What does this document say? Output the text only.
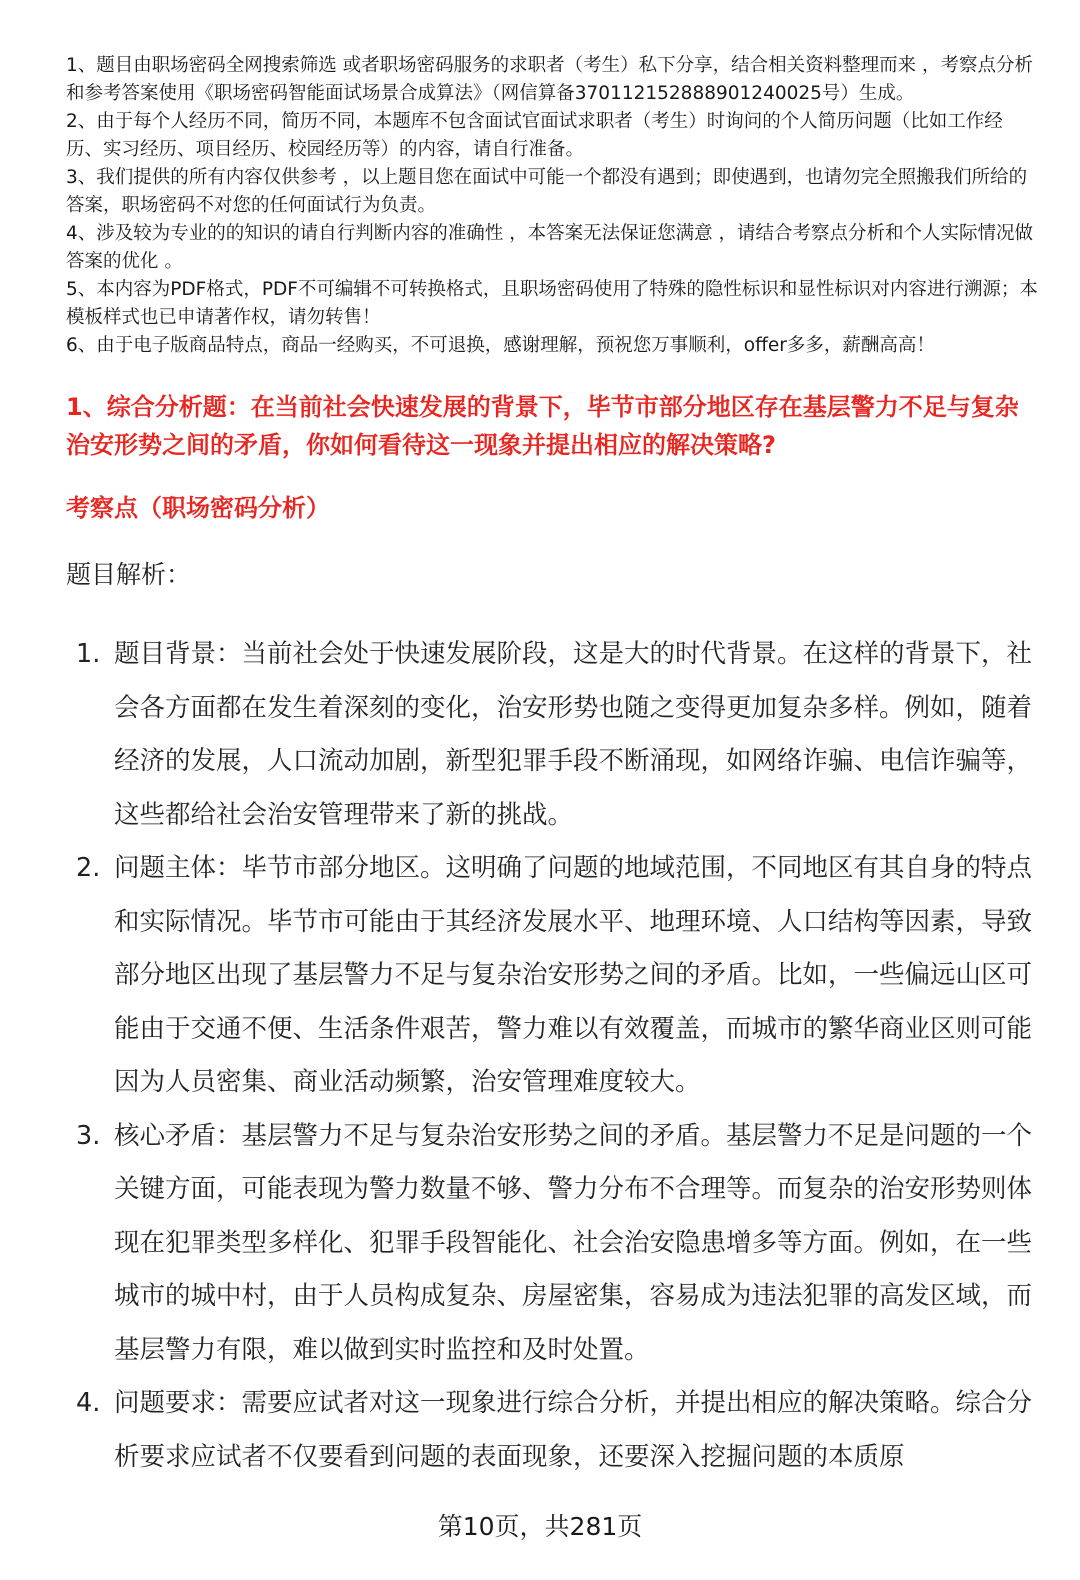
1、题目由职场密码全网搜索筛选 或者职场密码服务的求职者（考生）私下分享，结合相关资料整理而来 ，考察点分析和参考答案使用《职场密码智能面试场景合成算法》（网信算备370112152888901240025号）生成。
2、由于每个人经历不同，简历不同，本题库不包含面试官面试求职者（考生）时询问的个人简历问题（比如工作经历、实习经历、项目经历、校园经历等）的内容，请自行准备。
3、我们提供的所有内容仅供参考 ，以上题目您在面试中可能一个都没有遇到；即使遇到，也请勿完全照搬我们所给的答案，职场密码不对您的任何面试行为负责。
4、涉及较为专业的的知识的请自行判断内容的准确性 ，本答案无法保证您满意 ，请结合考察点分析和个人实际情况做答案的优化 。
5、本内容为PDF格式，PDF不可编辑不可转换格式，且职场密码使用了特殊的隐性标识和显性标识对内容进行溯源；本模板样式也已申请著作权，请勿转售！
6、由于电子版商品特点，商品一经购买，不可退换，感谢理解，预祝您万事顺利，offer多多，薪酬高高！
1、综合分析题：在当前社会快速发展的背景下，毕节市部分地区存在基层警力不足与复杂治安形势之间的矛盾，你如何看待这一现象并提出相应的解决策略?
考察点（职场密码分析）
题目解析：
1. 题目背景：当前社会处于快速发展阶段，这是大的时代背景。在这样的背景下，社会各方面都在发生着深刻的变化，治安形势也随之变得更加复杂多样。例如，随着经济的发展，人口流动加剧，新型犯罪手段不断涌现，如网络诈骗、电信诈骗等，这些都给社会治安管理带来了新的挑战。
2. 问题主体：毕节市部分地区。这明确了问题的地域范围，不同地区有其自身的特点和实际情况。毕节市可能由于其经济发展水平、地理环境、人口结构等因素，导致部分地区出现了基层警力不足与复杂治安形势之间的矛盾。比如，一些偏远山区可能由于交通不便、生活条件艰苦，警力难以有效覆盖，而城市的繁华商业区则可能因为人员密集、商业活动频繁，治安管理难度较大。
3. 核心矛盾：基层警力不足与复杂治安形势之间的矛盾。基层警力不足是问题的一个关键方面，可能表现为警力数量不够、警力分布不合理等。而复杂的治安形势则体现在犯罪类型多样化、犯罪手段智能化、社会治安隐患增多等方面。例如，在一些城市的城中村，由于人员构成复杂、房屋密集，容易成为违法犯罪的高发区域，而基层警力有限，难以做到实时监控和及时处置。
4. 问题要求：需要应试者对这一现象进行综合分析，并提出相应的解决策略。综合分析要求应试者不仅要看到问题的表面现象，还要深入挖掘问题的本质原
第10页，共281页
